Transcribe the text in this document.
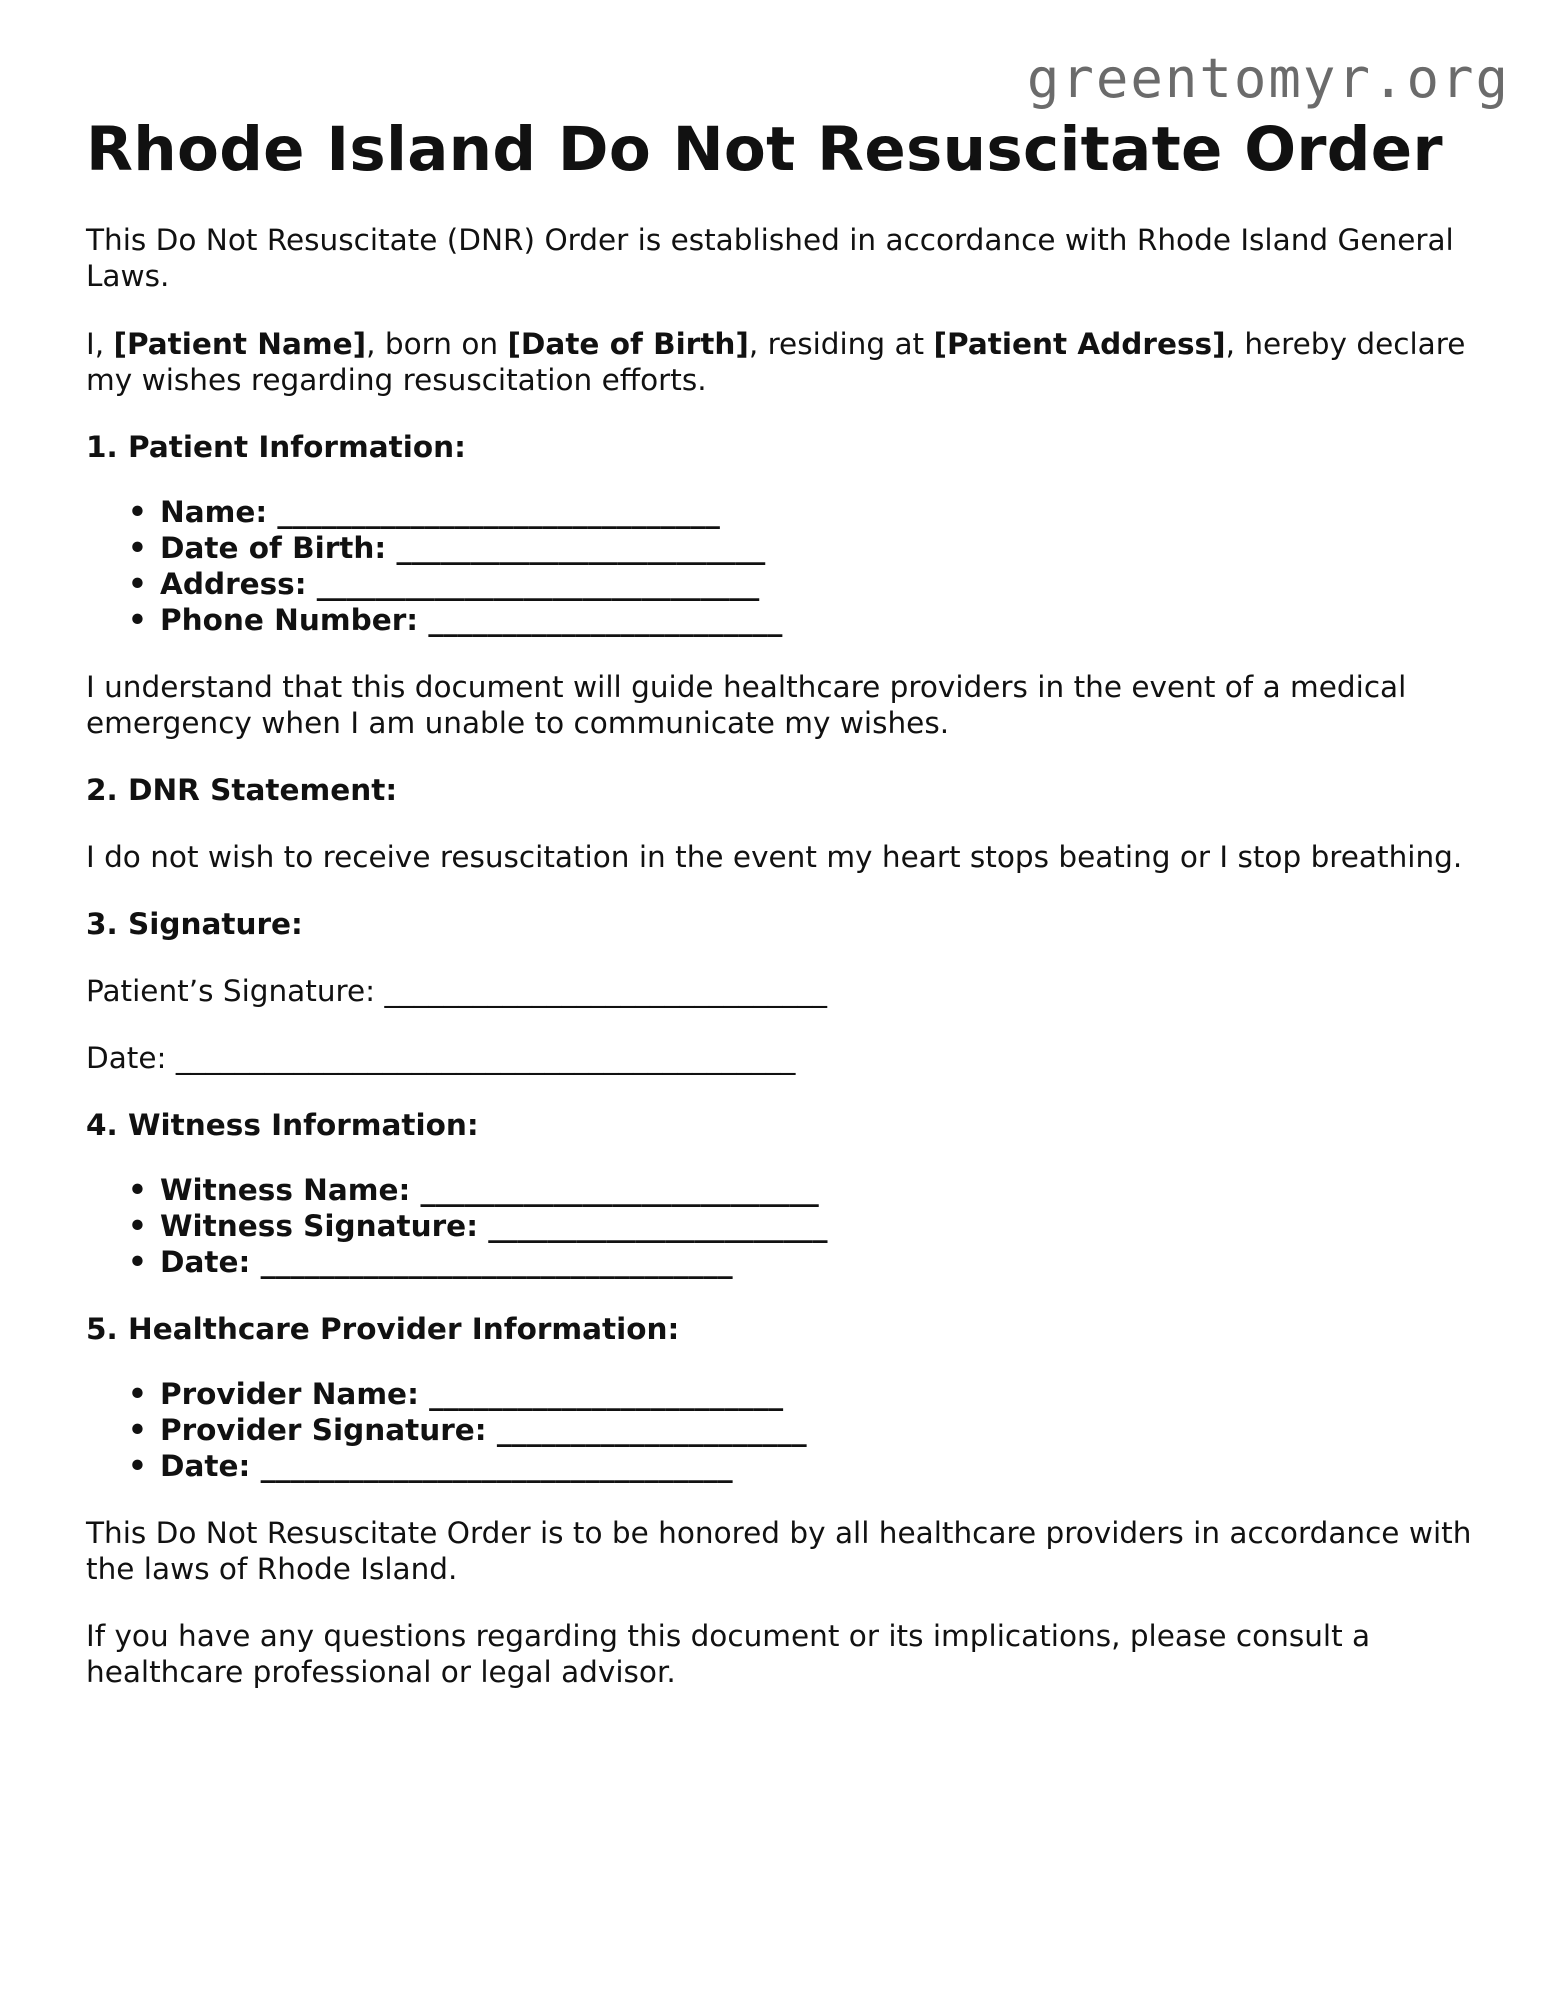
greentomyr.org
Rhode Island Do Not Resuscitate Order

This Do Not Resuscitate (DNR) Order is established in accordance with Rhode Island General Laws.

I, [Patient Name], born on [Date of Birth], residing at [Patient Address], hereby declare my wishes regarding resuscitation efforts.

1. Patient Information:

• Name: ______________________________
• Date of Birth: _________________________
• Address: ______________________________
• Phone Number: ________________________

I understand that this document will guide healthcare providers in the event of a medical emergency when I am unable to communicate my wishes.

2. DNR Statement:

I do not wish to receive resuscitation in the event my heart stops beating or I stop breathing.

3. Signature:

Patient’s Signature: ______________________________

Date: __________________________________________

4. Witness Information:

• Witness Name: ___________________________
• Witness Signature: _______________________
• Date: ________________________________

5. Healthcare Provider Information:

• Provider Name: ________________________
• Provider Signature: _____________________
• Date: ________________________________

This Do Not Resuscitate Order is to be honored by all healthcare providers in accordance with the laws of Rhode Island.

If you have any questions regarding this document or its implications, please consult a healthcare professional or legal advisor.
